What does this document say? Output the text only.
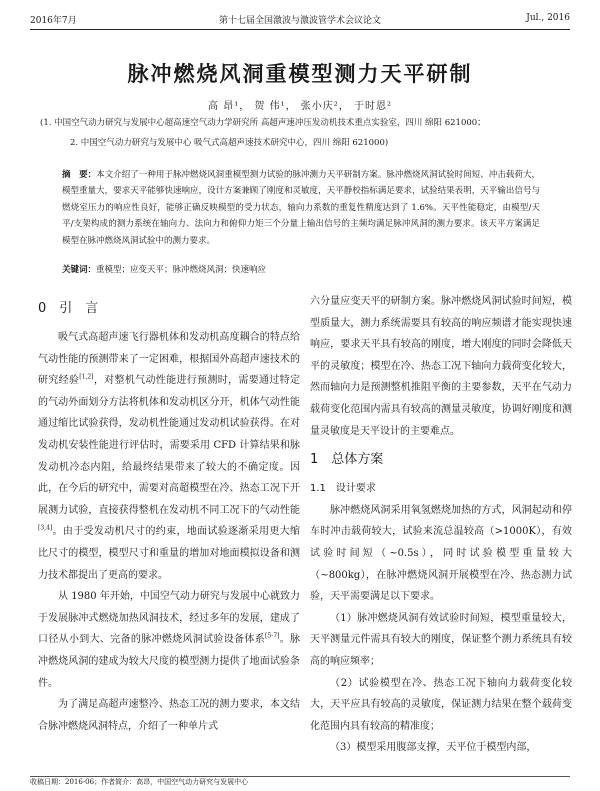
2016年7月	第十七届全国激波与激波管学术会议论文	Jul., 2016
脉冲燃烧风洞重模型测力天平研制
高 昂¹， 贺 伟¹， 张小庆²， 于时恩²
(1. 中国空气动力研究与发展中心超高速空气动力学研究所 高超声速冲压发动机技术重点实验室，四川 绵阳 621000；
2. 中国空气动力研究与发展中心 吸气式高超声速技术研究中心，四川 绵阳 621000)
摘　要：本文介绍了一种用于脉冲燃烧风洞重模型测力试验的脉冲测力天平研制方案。脉冲燃烧风洞试验时间短、冲击载荷大，模型重量大，要求天平能够快速响应，设计方案兼顾了刚度和灵敏度，天平静校指标满足要求，试验结果表明，天平输出信号与燃烧室压力的响应性良好，能够正确反映模型的受力状态，轴向力系数的重复性精度达到了 1.6%。天平性能稳定，由模型/天平/支架构成的测力系统在轴向力、法向力和俯仰力矩三个分量上输出信号的主频均满足脉冲风洞的测力要求。该天平方案满足模型在脉冲燃烧风洞试验中的测力要求。
关键词：重模型；应变天平；脉冲燃烧风洞；快速响应
0　引　言

吸气式高超声速飞行器机体和发动机高度耦合的特点给气动性能的预测带来了一定困难，根据国外高超声速技术的研究经验[1,2]，对整机气动性能进行预测时，需要通过特定的气动外面划分方法将机体和发动机区分开，机体气动性能通过缩比试验获得，发动机性能通过发动机试验获得。在对发动机安装性能进行评估时，需要采用 CFD 计算结果和脉发动机冷态内阻，给最终结果带来了较大的不确定度。因此，在今后的研究中，需要对高超模型在冷、热态工况下开展测力试验，直接获得整机在发动机不同工况下的气动性能[3,4]。由于受发动机尺寸的约束，地面试验逐渐采用更大缩比尺寸的模型，模型尺寸和重量的增加对地面模拟设备和测力技术都提出了更高的要求。

从 1980 年开始，中国空气动力研究与发展中心就致力于发展脉冲式燃烧加热风洞技术，经过多年的发展，建成了口径从小到大、完备的脉冲燃烧风洞试验设备体系[5-7]。脉冲燃烧风洞的建成为较大尺度的模型测力提供了地面试验条件。

为了满足高超声速整冷、热态工况的测力要求，本文结合脉冲燃烧风洞特点，介绍了一种单片式

六分量应变天平的研制方案。脉冲燃烧风洞试验时间短，模型质量大，测力系统需要具有较高的响应频谱才能实现快速响应，要求天平具有较高的刚度，增大刚度的同时会降低天平的灵敏度；模型在冷、热态工况下轴向力载荷变化较大，然而轴向力是预测整机推阻平衡的主要参数，天平在气动力载荷变化范围内需具有较高的测量灵敏度，协调好刚度和测量灵敏度是天平设计的主要难点。

1　总体方案
1.1　设计要求

脉冲燃烧风洞采用氧氢燃烧加热的方式，风洞起动和停车时冲击载荷较大，试验来流总温较高（>1000K），有效试验时间短（~0.5s），同时试验模型重量较大（~800kg），在脉冲燃烧风洞开展模型在冷、热态测力试验，天平需要满足以下要求。

（1）脉冲燃烧风洞有效试验时间短，模型重量较大，天平测量元件需具有较大的刚度，保证整个测力系统具有较高的响应频率；

（2）试验模型在冷、热态工况下轴向力载荷变化较大，天平应具有较高的灵敏度，保证测力结果在整个载荷变化范围内具有较高的精准度；

（3）模型采用腹部支撑，天平位于模型内部，

收稿日期：2016-06；作者简介：高昂，中国空气动力研究与发展中心
